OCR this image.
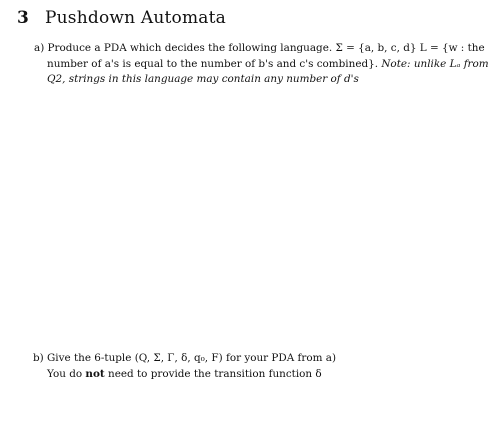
3 Pushdown Automata
a) Produce a PDA which decides the following language. Σ = {a, b, c, d} L = {w : the
number of a's is equal to the number of b's and c's combined}. Note: unlike Lₐ from
Q2, strings in this language may contain any number of d's
b) Give the 6-tuple (Q, Σ, Γ, δ, q₀, F) for your PDA from a)
You do not need to provide the transition function δ
